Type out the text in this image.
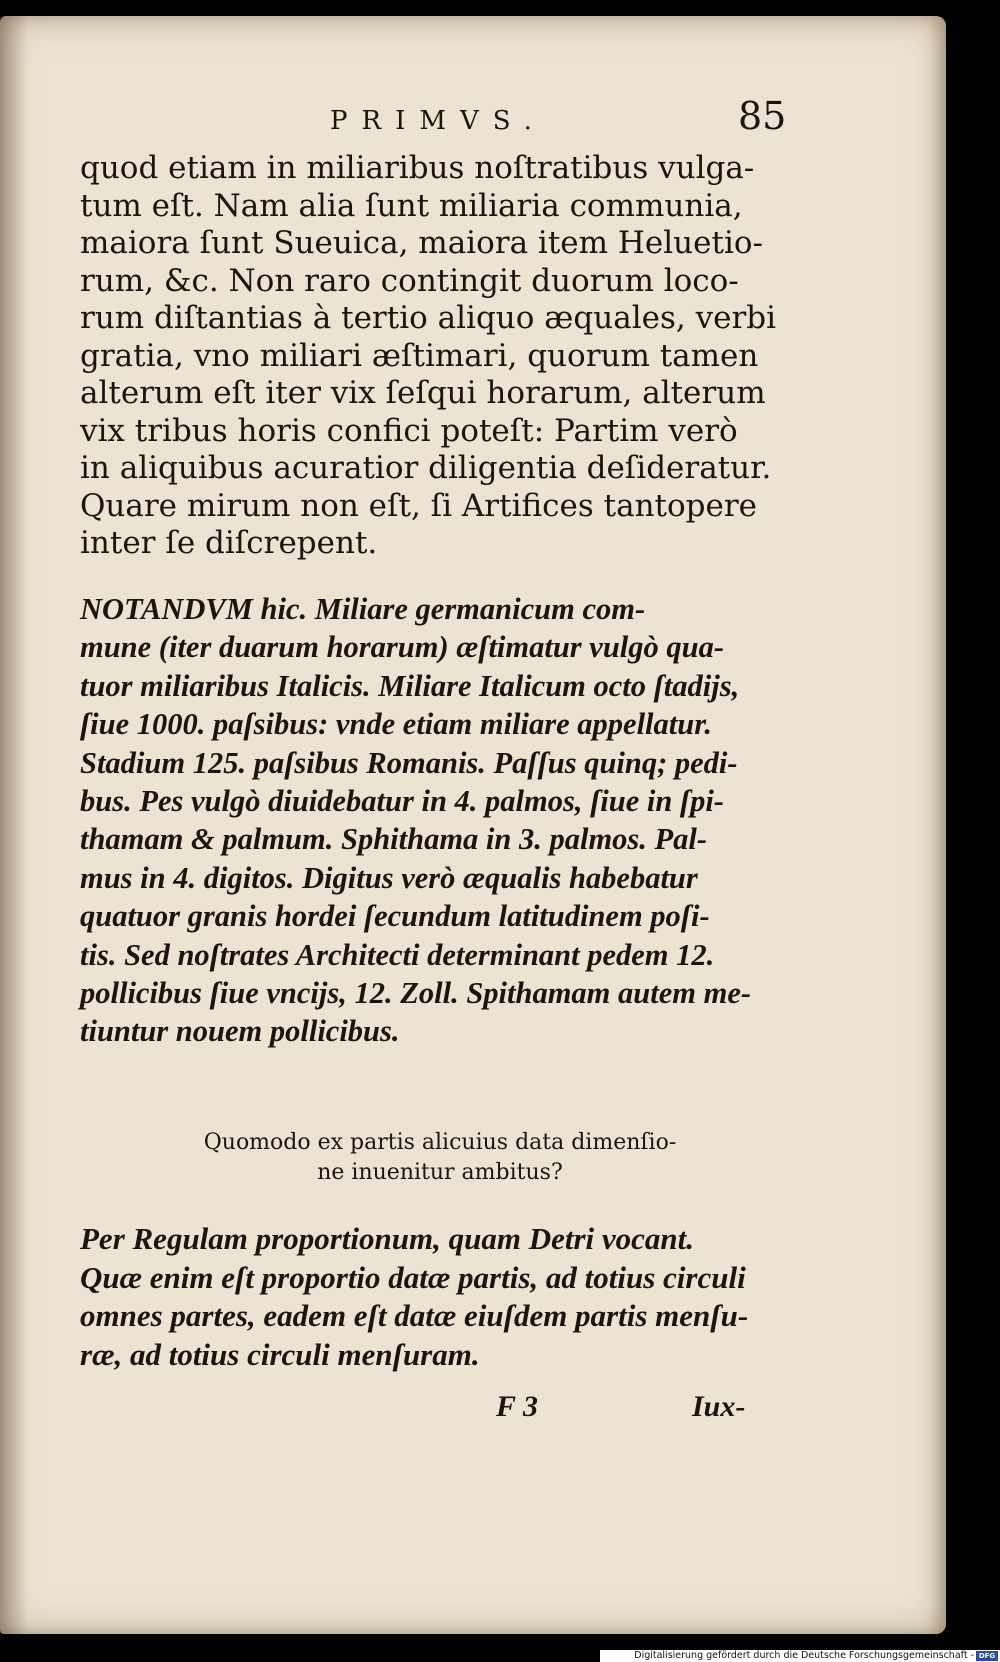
PRIMVS.	85
quod etiam in miliaribus noſtratibus vulga-
tum eſt. Nam alia ſunt miliaria communia,
maiora ſunt Sueuica, maiora item Heluetio-
rum, &c. Non raro contingit duorum loco-
rum diſtantias à tertio aliquo æquales, verbi
gratia, vno miliari æſtimari, quorum tamen
alterum eſt iter vix ſeſqui horarum, alterum
vix tribus horis confici poteſt: Partim verò
in aliquibus acuratior diligentia deſideratur.
Quare mirum non eſt, ſi Artifices tantopere
inter ſe diſcrepent.
NOTANDVM hic. Miliare germanicum com-
mune (iter duarum horarum) æſtimatur vulgò qua-
tuor miliaribus Italicis. Miliare Italicum octo ſtadijs,
ſiue 1000. paſsibus: vnde etiam miliare appellatur.
Stadium 125. paſsibus Romanis. Paſſus quinq; pedi-
bus. Pes vulgò diuidebatur in 4. palmos, ſiue in ſpi-
thamam & palmum. Sphithama in 3. palmos. Pal-
mus in 4. digitos. Digitus verò æqualis habebatur
quatuor granis hordei ſecundum latitudinem poſi-
tis. Sed noſtrates Architecti determinant pedem 12.
pollicibus ſiue vncijs, 12. Zoll. Spithamam autem me-
tiuntur nouem pollicibus.
Quomodo ex partis alicuius data dimenſio-
ne inuenitur ambitus?
Per Regulam proportionum, quam Detri vocant.
Quæ enim eſt proportio datæ partis, ad totius circuli
omnes partes, eadem eſt datæ eiuſdem partis menſu-
ræ, ad totius circuli menſuram.
F 3	Iux-
Digitalisierung gefördert durch die Deutsche Forschungsgemeinschaft - DFG
